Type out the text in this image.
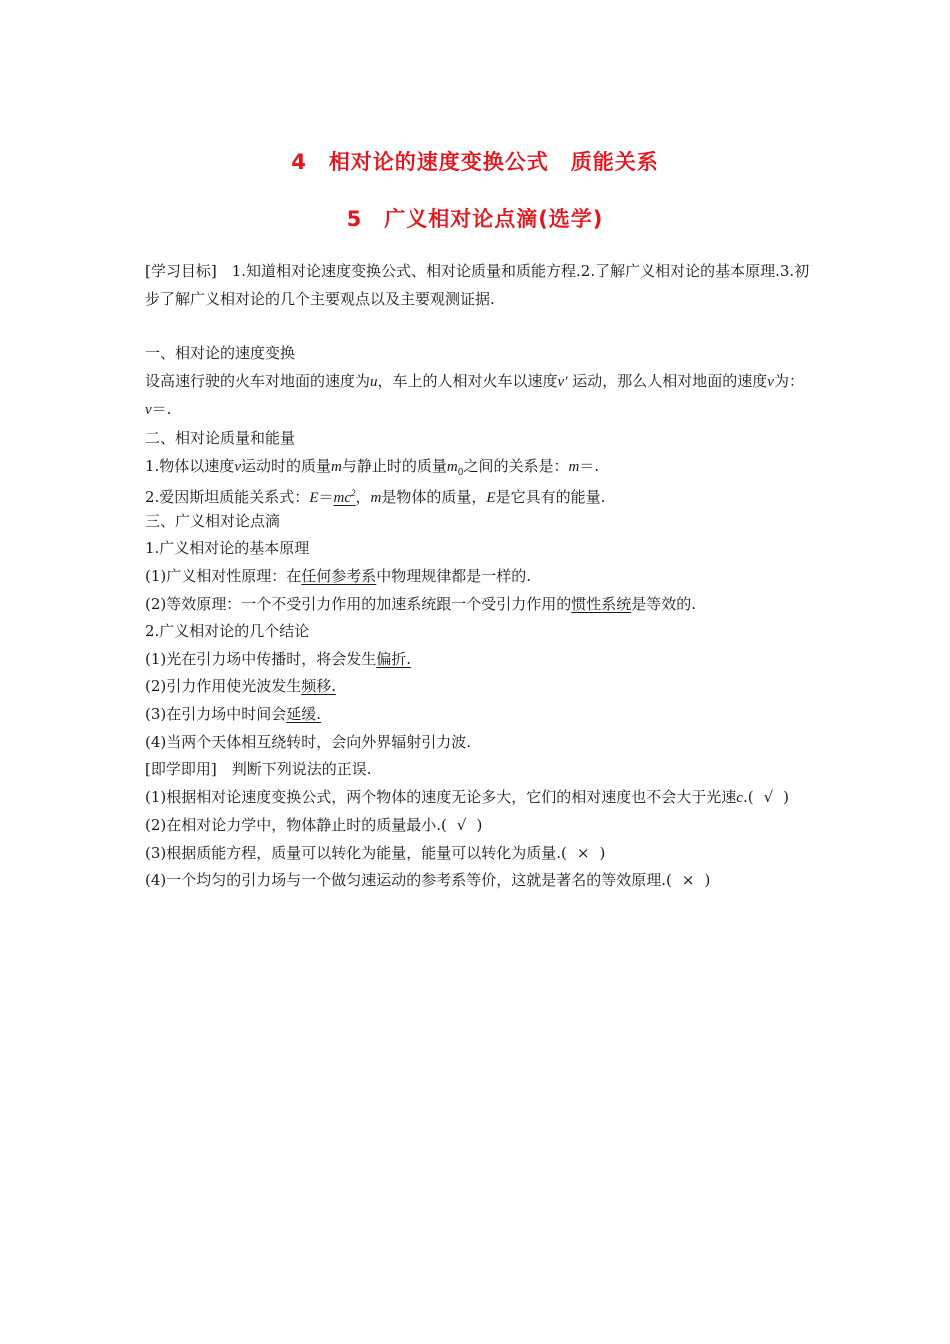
4　相对论的速度变换公式　质能关系
5　广义相对论点滴(选学)
[学习目标]　1.知道相对论速度变换公式、相对论质量和质能方程.2.了解广义相对论的基本原理.3.初步了解广义相对论的几个主要观点以及主要观测证据.
一、相对论的速度变换
设高速行驶的火车对地面的速度为u，车上的人相对火车以速度v′ 运动，那么人相对地面的速度v为：v＝.
二、相对论质量和能量
1.物体以速度v运动时的质量m与静止时的质量$m_0$之间的关系是：m＝.
2.爱因斯坦质能关系式：$E=mc^2$，m是物体的质量，E是它具有的能量.
三、广义相对论点滴
1.广义相对论的基本原理
(1)广义相对性原理：在任何参考系中物理规律都是一样的.
(2)等效原理：一个不受引力作用的加速系统跟一个受引力作用的惯性系统是等效的.
2.广义相对论的几个结论
(1)光在引力场中传播时，将会发生偏折.
(2)引力作用使光波发生频移.
(3)在引力场中时间会延缓.
(4)当两个天体相互绕转时，会向外界辐射引力波.
[即学即用]　判断下列说法的正误.
(1)根据相对论速度变换公式，两个物体的速度无论多大，它们的相对速度也不会大于光速c.( √ )
(2)在相对论力学中，物体静止时的质量最小.( √ )
(3)根据质能方程，质量可以转化为能量，能量可以转化为质量.( × )
(4)一个均匀的引力场与一个做匀速运动的参考系等价，这就是著名的等效原理.( × )
